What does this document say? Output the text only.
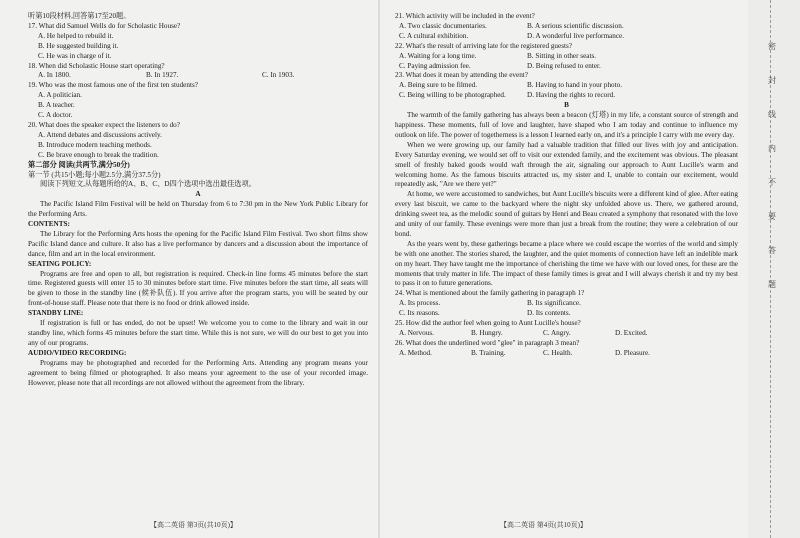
听第10段材料,回答第17至20题。
17. What did Samuel Wells do for Scholastic House?
A. He helped to rebuild it.
B. He suggested building it.
C. He was in charge of it.
18. When did Scholastic House start operating?
A. In 1800.	B. In 1927.	C. In 1903.
19. Who was the most famous one of the first ten students?
A. A politician.
B. A teacher.
C. A doctor.
20. What does the speaker expect the listeners to do?
A. Attend debates and discussions actively.
B. Introduce modern teaching methods.
C. Be brave enough to break the tradition.
第二部分 阅读(共两节,满分50分)
第一节 (共15小题;每小题2.5分,满分37.5分)
阅读下列短文,从每题所给的A、B、C、D四个选项中选出最佳选项。
A
The Pacific Island Film Festival will be held on Thursday from 6 to 7:30 pm in the New York Public Library for the Performing Arts.
CONTENTS:
The Library for the Performing Arts hosts the opening for the Pacific Island Film Festival. Two short films show Pacific Island dance and culture. It also has a live performance by dancers and a discussion about the importance of dance, film and art in the local environment.
SEATING POLICY:
Programs are free and open to all, but registration is required. Check-in line forms 45 minutes before the start time. Registered guests will enter 15 to 30 minutes before start time. Five minutes before the start time, all seats will be given to those in the standby line (候补队伍). If you arrive after the program starts, you will be seated by our front-of-house staff. Please note that there is no food or drink allowed inside.
STANDBY LINE:
If registration is full or has ended, do not be upset! We welcome you to come to the library and wait in our standby line, which forms 45 minutes before the start time. While this is not sure, we will do our best to get you into any of our programs.
AUDIO/VIDEO RECORDING:
Programs may be photographed and recorded for the Performing Arts. Attending any program means your agreement to being filmed or photographed. It also means your agreement to the use of your recorded image. However, please note that all recordings are not allowed without the agreement from the library.
【高二英语 第3页(共10页)】
21. Which activity will be included in the event?
A. Two classic documentaries.	B. A serious scientific discussion.
C. A cultural exhibition.	D. A wonderful live performance.
22. What's the result of arriving late for the registered guests?
A. Waiting for a long time.	B. Sitting in other seats.
C. Paying admission fee.	D. Being refused to enter.
23. What does it mean by attending the event?
A. Being sure to be filmed.	B. Having to hand in your photo.
C. Being willing to be photographed.	D. Having the rights to record.
B
The warmth of the family gathering has always been a beacon (灯塔) in my life, a constant source of strength and happiness. These moments, full of love and laughter, have shaped who I am today and continue to influence my outlook on life. The power of togetherness is a lesson I learned early on, and it's a principle I carry with me every day.
When we were growing up, our family had a valuable tradition that filled our lives with joy and anticipation. Every Saturday evening, we would set off to visit our extended family, and the excitement was obvious. The pleasant smell of freshly baked goods would waft through the air, signaling our approach to Aunt Lucille's warm and welcoming home. As the famous biscuits attracted us, my sister and I, unable to contain our excitement, would repeatedly ask, "Are we there yet?"
At home, we were accustomed to sandwiches, but Aunt Lucille's biscuits were a different kind of glee. After eating every last biscuit, we came to the backyard where the night sky unfolded above us. There, we gathered around, drinking sweet tea, as the melodic sound of guitars by Henri and Beau created a symphony that resonated with the love and unity of our family. These evenings were more than just a break from the routine; they were a celebration of our bond.
As the years went by, these gatherings became a place where we could escape the worries of the world and simply be with one another. The stories shared, the laughter, and the quiet moments of connection have left an indelible mark on my heart. They have taught me the importance of cherishing the time we have with our loved ones, for these are the moments that truly matter in life. The impact of these family times is great and I will always cherish it and try my best to pass it on to future generations.
24. What is mentioned about the family gathering in paragraph 1?
A. Its process.	B. Its significance.
C. Its reasons.	D. Its contents.
25. How did the author feel when going to Aunt Lucille's house?
A. Nervous.	B. Hungry.	C. Angry.	D. Excited.
26. What does the underlined word "glee" in paragraph 3 mean?
A. Method.	B. Training.	C. Health.	D. Pleasure.
【高二英语 第4页(共10页)】
密
封
线
内
不
要
答
题
